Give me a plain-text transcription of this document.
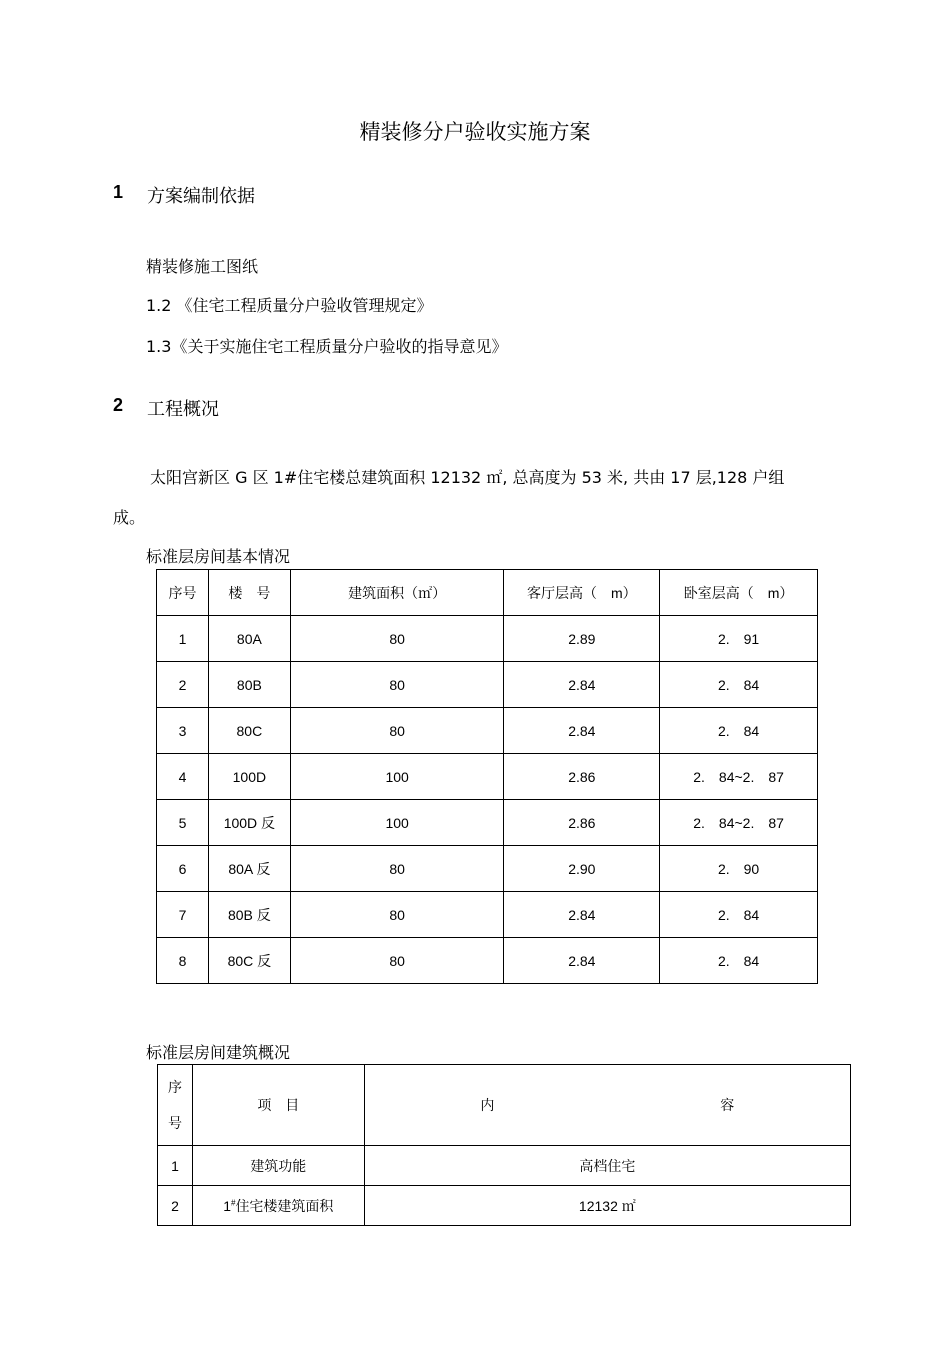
精装修分户验收实施方案
1 方案编制依据
精装修施工图纸
1.2 《住宅工程质量分户验收管理规定》
1.3《关于实施住宅工程质量分户验收的指导意见》
2 工程概况
太阳宫新区 G 区 1#住宅楼总建筑面积 12132 ㎡, 总高度为 53 米, 共由 17 层,128 户组
成。
标准层房间基本情况
序号	楼　号	建筑面积（㎡）	客厅层高（　m）	卧室层高（　m）
1	80A	80	2.89	2.　91
2	80B	80	2.84	2.　84
3	80C	80	2.84	2.　84
4	100D	100	2.86	2.　84~2.　87
5	100D 反	100	2.86	2.　84~2.　87
6	80A 反	80	2.90	2.　90
7	80B 反	80	2.84	2.　84
8	80C 反	80	2.84	2.　84
标准层房间建筑概况
序
号	项　目	内 容
1	建筑功能	高档住宅
2	1#住宅楼建筑面积	12132 ㎡
